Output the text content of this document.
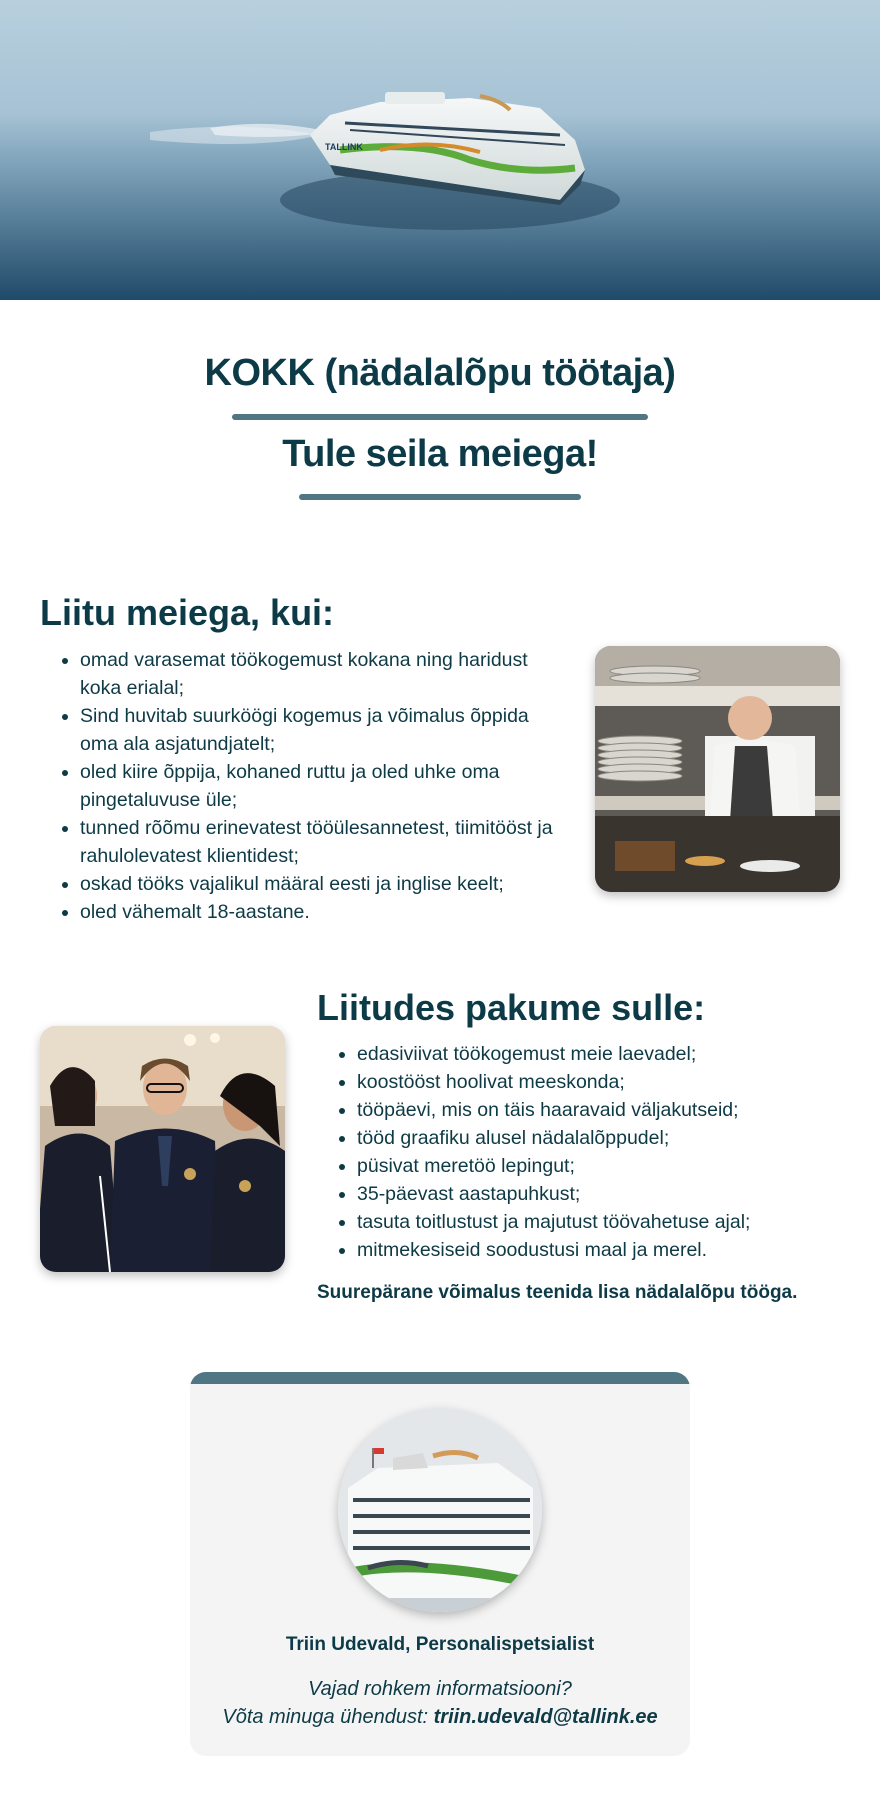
TALLINK
KOKK (nädalalõpu töötaja)
Tule seila meiega!
Liitu meiega, kui:
• omad varasemat töökogemust kokana ning haridust koka erialal;
• Sind huvitab suurköögi kogemus ja võimalus õppida oma ala asjatundjatelt;
• oled kiire õppija, kohaned ruttu ja oled uhke oma pingetaluvuse üle;
• tunned rõõmu erinevatest tööülesannetest, tiimitööst ja rahulolevatest klientidest;
• oskad tööks vajalikul määral eesti ja inglise keelt;
• oled vähemalt 18-aastane.
Liitudes pakume sulle:
• edasiviivat töökogemust meie laevadel;
• koostööst hoolivat meeskonda;
• tööpäevi, mis on täis haaravaid väljakutseid;
• tööd graafiku alusel nädalalõppudel;
• püsivat meretöö lepingut;
• 35-päevast aastapuhkust;
• tasuta toitlustust ja majutust töövahetuse ajal;
• mitmekesiseid soodustusi maal ja merel.

Suurepärane võimalus teenida lisa nädalalõpu tööga.

Triin Udevald, Personalispetsialist

Vajad rohkem informatsiooni?

Võta minuga ühendust: triin.udevald@tallink.ee
